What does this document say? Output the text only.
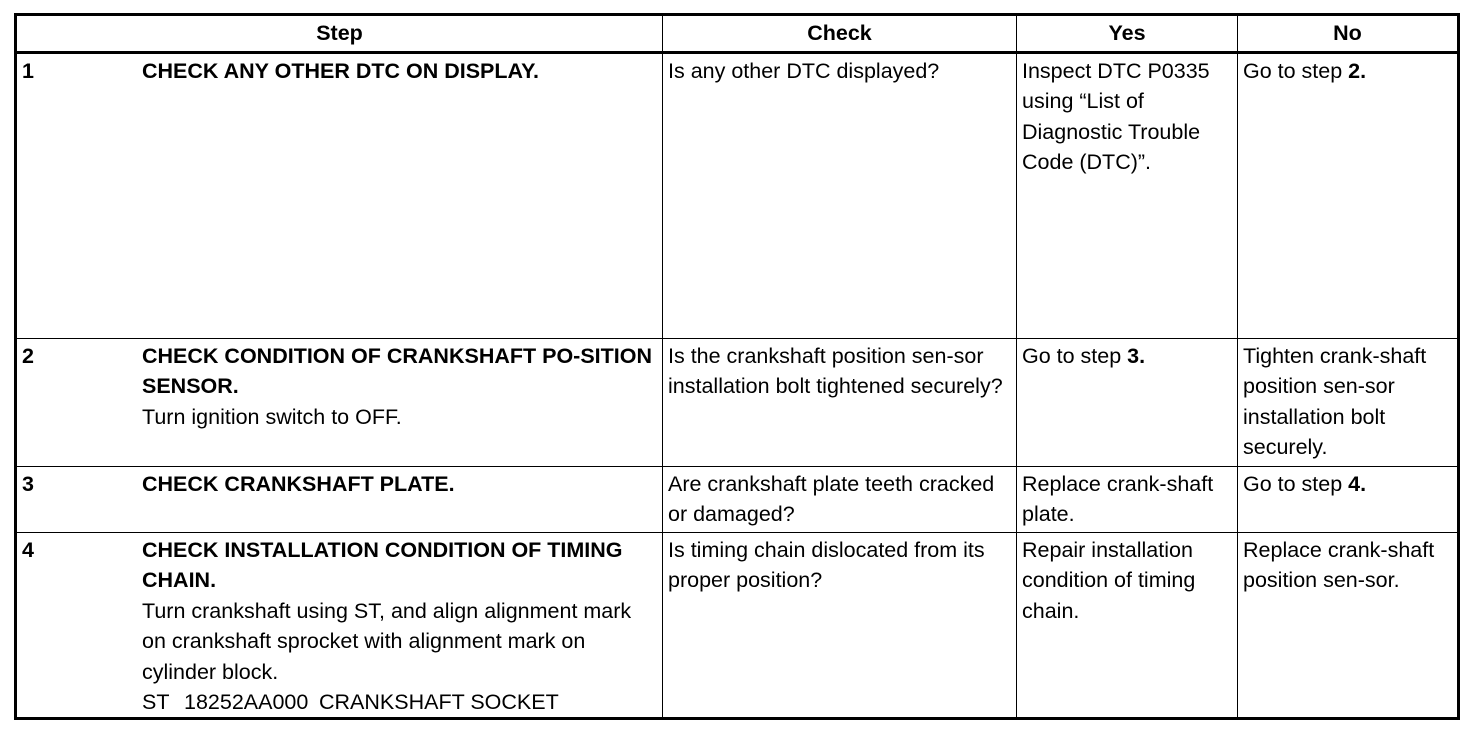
Step	Check	Yes	No

1 CHECK ANY OTHER DTC ON DISPLAY.	Is any other DTC displayed?	Inspect DTC P0335 using “List of Diagnostic Trouble Code (DTC)”.	Go to step 2.

2 CHECK CONDITION OF CRANKSHAFT PO-SITION SENSOR.
Turn ignition switch to OFF.	Is the crankshaft position sen-sor installation bolt tightened securely?	Go to step 3.	Tighten crank-shaft position sen-sor installation bolt securely.

3 CHECK CRANKSHAFT PLATE.	Are crankshaft plate teeth cracked or damaged?	Replace crank-shaft plate.	Go to step 4.

4 CHECK INSTALLATION CONDITION OF TIMING CHAIN.
Turn crankshaft using ST, and align alignment mark on crankshaft sprocket with alignment mark on cylinder block.
ST 18252AA000 CRANKSHAFT SOCKET	Is timing chain dislocated from its proper position?	Repair installation condition of timing chain.	Replace crank-shaft position sen-sor.
